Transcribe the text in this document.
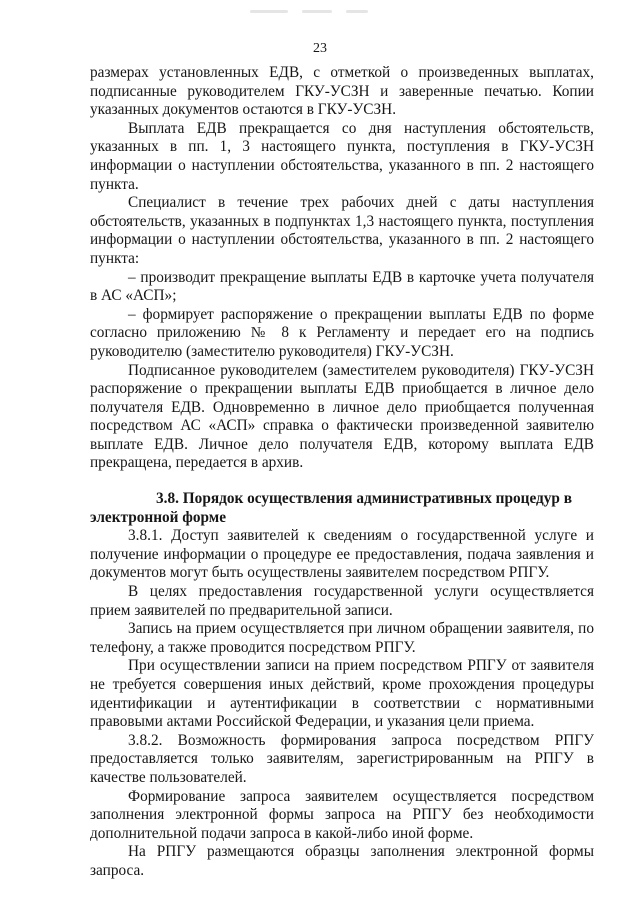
23

размерах установленных ЕДВ, с отметкой о произведенных выплатах, подписанные руководителем ГКУ-УСЗН и заверенные печатью. Копии указанных документов остаются в ГКУ-УСЗН.

Выплата ЕДВ прекращается со дня наступления обстоятельств, указанных в пп. 1, 3 настоящего пункта, поступления в ГКУ-УСЗН информации о наступлении обстоятельства, указанного в пп. 2 настоящего пункта.

Специалист в течение трех рабочих дней с даты наступления обстоятельств, указанных в подпунктах 1,3 настоящего пункта, поступления информации о наступлении обстоятельства, указанного в пп. 2 настоящего пункта:

– производит прекращение выплаты ЕДВ в карточке учета получателя в АС «АСП»;

– формирует распоряжение о прекращении выплаты ЕДВ по форме согласно приложению № 8 к Регламенту и передает его на подпись руководителю (заместителю руководителя) ГКУ-УСЗН.

Подписанное руководителем (заместителем руководителя) ГКУ-УСЗН распоряжение о прекращении выплаты ЕДВ приобщается в личное дело получателя ЕДВ. Одновременно в личное дело приобщается полученная посредством АС «АСП» справка о фактически произведенной заявителю выплате ЕДВ. Личное дело получателя ЕДВ, которому выплата ЕДВ прекращена, передается в архив.

3.8. Порядок осуществления административных процедур в электронной форме

3.8.1. Доступ заявителей к сведениям о государственной услуге и получение информации о процедуре ее предоставления, подача заявления и документов могут быть осуществлены заявителем посредством РПГУ.

В целях предоставления государственной услуги осуществляется прием заявителей по предварительной записи.

Запись на прием осуществляется при личном обращении заявителя, по телефону, а также проводится посредством РПГУ.

При осуществлении записи на прием посредством РПГУ от заявителя не требуется совершения иных действий, кроме прохождения процедуры идентификации и аутентификации в соответствии с нормативными правовыми актами Российской Федерации, и указания цели приема.

3.8.2. Возможность формирования запроса посредством РПГУ предоставляется только заявителям, зарегистрированным на РПГУ в качестве пользователей.

Формирование запроса заявителем осуществляется посредством заполнения электронной формы запроса на РПГУ без необходимости дополнительной подачи запроса в какой-либо иной форме.

На РПГУ размещаются образцы заполнения электронной формы запроса.
